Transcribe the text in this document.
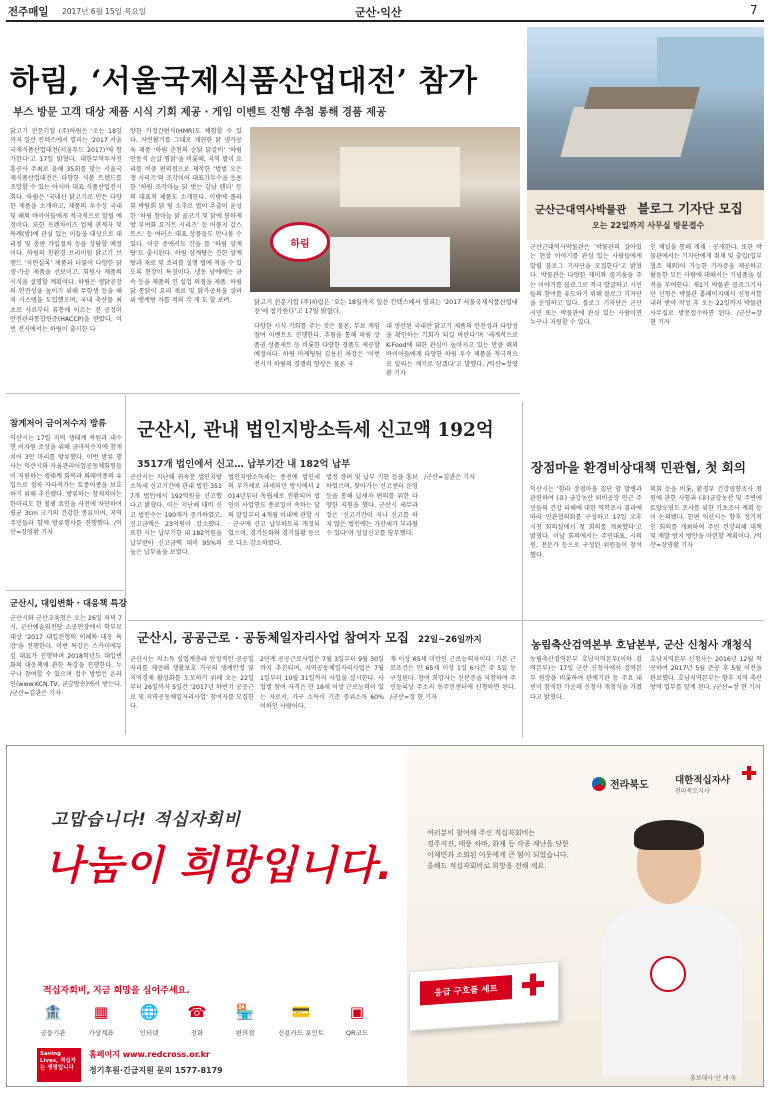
전주매일 2017년 6월 15일 목요일	군산·익산	7
하림, ‘서울국제식품산업대전’ 참가
부스 방문 고객 대상 제품 시식 기회 제공 · 게임 이벤트 진행 추첨 통해 경품 제공
닭고기 전문기업 (주)하림은 ‘오는 18일까지 일산 킨텍스에서 열리는 ‘2017 서울국제식품산업대전(서울푸드 2017)’에 참가한다’고 17일 밝혔다. 대한무역투자진흥공사 주최로 올해 35회를 맞는 서울국제식품산업대전은 다양한 식품 트렌드를 조망할 수 있는 아시아 대표 식품산업전시회다. 하림은 ‘국내산 닭고기로 만든 다양한 제품을 소개하고, 제품의 우수성 국내 및 해외 바이어들에게 적극적으로 알릴 예정이다. 또한 프렌차이즈 업체 관계자 및 특례(방)에 관심 있는 이들을 대상으로 대리점 및 총판 가입절차 등을 상담할 예정이다. 하림의 친환경 프리미엄 닭고기 브랜드 ‘자연실록’ 제품과 더불어 다양한 닭생·가공 제품을 선보이고, 회원사 제품의 시식을 설명할 계획이다. 하림은 생닭공장의 안전성을 높이기 위해 무항생 등을 해치 시스템을 도입했으며, 국내 축산물 최초로 사료부터 유통에 이르는 전 공정이 안전관리통합인증(HACCP)을 받았다. 이번 전시에서는 하림이 출시한 다
양한 가정간편식(HMR)도 체험할 수 있다. 자연활기를 그대로 재현한 닭 냉가공육 제품 ‘하림 춘천의 순닭 닭갈비’ ‘하림 안동식 순살 찜닭’을 비롯해, 지역 별미 요리를 비중 편의점으로 제작한 ‘벌벌 오은쟁 시리즈’와 조각이어 대표가두수을 응용한 ‘하림 조각마늘 닭 벗는 강남 텐더’ 등의 대표적 제품도 소개한다. 이밖에 플라워 박람회 닭 팀 소추로 별이 추출이 윤성한 ‘하림 참마늘 닭 골코기 및 닭에 봉하제방 부여화 요거트 시리즈’ 등 어플지 갑스트스’ 등 여러스 대표 상품들도 만나볼 수 있다. 이곳 중에서도 간을 를 ‘하림 삼계탕’도 출시된다. 하림 삼계탕은 진한 삼계탕과 재료 및 조리를 설명 법에 적을 수 있도록 현장이 특징이다. 냉동 남에에는 금속 등을 제품의 인 실업 의점을 제품. 하림 닭 통닭이 요리 재료 및 닭가공육을 살려 위 앵계탕 자를 적의 각 게 도 합 보려.
하림
닭고기 전문기업 (주)하림은 ‘오는 18일까지 일산 킨텍스에서 열리는 ‘2017 서울국제식품산업대전’에 참가한다’고 17일 밝혔다.
다양한 시식 기회를 주는 것은 물론, 무료 게임 참여 이벤트도 진행한다. 추첨을 통해 하림 상품권 상품세트 등 비롯한 다양한 경품도 제공할 예정이다. 하림 마케팅팀 김용신 차장은 ‘이번 전시가 하림의 경쟁력 향상은 물론 국
내 생산된 국내산 닭고기 제품의 안전성과 다양성을 확인하는 기회가 되길 바란다’며 ‘세계적으로 K-Food에 대한 관심이 높아지고 있는 만큼 해외 바이어들에게 다양한 하림 우수 제품을 적극적으로 알리는 계기로 삼겠다’고 말했다. /익산=장영환 기자
군산근대역사박물관 블로그 기자단 모집
오는 22일까지 사무실 방문접수
군산근대역사박물관은 ‘박물관의 살아있는 현장 이야기를 관심 있는 사람들에게 알릴 블로그 기자단을 모집한다’고 밝혔다. 박물관은 다양한 재미와 즐거움을 주는 이야기를 블로그로 적극 발굴하고 시민들의 참여를 유도하기 위해 블로그 기자단을 운영하고 있다. 블로그 기자단은 군산시민 또는 박물관에 관심 있는 사람이면 누구나 지원할 수 있다.
인 채널을 통해 게재 · 공개한다. 또한 박물관에서는 기자단에게 취재 및 출입(입부 협조 제외)이 가능한 기자증을 제공하고 활동한 모든 사람에 대해서는 기념품을 실적을 부여한다. 제1기 박물관 블로그기자단 신청은 박물관 홈페이지에서 신청서를 내려 받아 작성 후 오는 22일까지 박물관 사무실로 방문접수하면 된다. /군산=장 현 기자
참게저어 금어저수지 방류
익산시는 17일 지역 생태계 복원과 내수면 어자원 조성을 위해 금마저수지에 참게치어 3만 마리를 방류했다. 이번 방류 행사는 익산시와 자율관리어업공동체회원들이 지원하는 생태계 회복과 외래어종의 유입으로 점차 사라져가는 토종어종을 보호하기 위해 추진됐다. 방류하는 참게치어는 한마리도 한 질병 요인을 사전에 차단하여 평균 3cm 크기의 건강한 종묘이며, 지역 주민들과 함께 방류행사를 진행했다. /익산=장영환 기자
군산시, 대입변화 · 대응책 특강
군산시와 군산교육청은 오는 26일 저녁 7시, 군산예술의전당 소공연장에서 학부모 대상 ‘2017 대입전형의 이해와 대응 특강’을 진행한다. 이번 특강은 스카이에듀 김 대표가 진행하며 2018학년도 대입변화의 대응책에 관한 특강을 진행한다. 누구나 참여할 수 있으며 접수 방법은 온라인(www.KCN.TV, 금강방송)에서 받는다. /군산=김관은 기자
군산시, 관내 법인지방소득세 신고액 192억
3517개 법인에서 신고… 납부기간 내 182억 납부
군산시는 지난해 귀속분 법인지방소득세 신고기간에 관내 법인 3517개 법인에서 192억원을 신고했다고 밝혔다. 이는 지난해 대비 신고 법인수는 190개가 증가하였고, 신고금액은 23억원이 감소했다. 또한 시는 납부기한 내 182억원을 납부받아 신고금액 대비 95%의 높은 납부율을 보였다.
법인지방소득세는 종전에 법인세의 부가세로 과세되던 방식에서 2014년부터 독립세로 전환되어 법인이 사업연도 종료일이 속하는 달의 말일부터 4개월 이내에 관할 시 · 군구에 신고 납부하도록 개정되었으며, 경기둔화와 경기불황 등으로 다소 감소하였다.
법정 장려 및 납부 기한 등을 홍보하였으며, 찾아가는 신고센터 운영 등을 통해 납세자 편의를 위한 다양한 지원을 했다. 군산시 세무과장은 ‘신고기간이 지나 신고를 하지 않은 법인에는 가산세가 부과될 수 있다’며 성실신고를 당부했다.
/군산=김관은 기자
장점마을 환경비상대책 민관협, 첫 회의
익산시는 ‘함라 장점마을 집단 암 발병과 관련하여 (유) 금강농산 퇴비공장 인근 주민들의 건강 피해에 대한 역학조사 결과에 따라 민관협의회를 구성하고 17일 오후 시청 회의실에서 첫 회의를 개최했다’고 밝혔다. 이날 회의에서는 주민대표, 시의원, 전문가 등으로 구성된 위원들이 참석했다.
의회 등을 비롯, 환경부 건강영향조사 청원에 관한 사항과 (유)금강농산 및 주변에 토양오염도 조사를 위한 기초조사 계획 등이 논의됐다. 한편 익산시는 향후 정기적인 회의를 개최하여 주민 건강피해 대책 및 재발 방지 방안을 마련할 계획이다. /익산=장영환 기자
군산시, 공공근로 · 공동체일자리사업 참여자 모집 22일~26일까지
군산시는 저소득 실업계층과 안정적인 공공일자리를 제공해 생활보호 가구의 생계안정 및 지역경제 활성화를 도모하기 위해 오는 22일부터 26일까지 5일간 ‘2017년 하반기 공공근로 및 지역공동체일자리사업’ 참여자를 모집한다.
2단계 공공근로사업은 7월 3일부터 9월 30일까지 추진되며, 지역공동체일자리사업은 7월 1일부터 10월 31일까지 사업을 실시한다. 사업별 참여 자격은 만 18세 이상 근로능력이 있는 자로서, 가구 소득이 기준 중위소득 60% 이하인 사람이다.
재 이상 65세 미만인 근로능력자이다. 기본 근로조건은 만 65세 이상 1일 6시간 주 5일 등 구성된다. 참여 희망자는 신분증을 지참하여 주민등록상 주소지 동주민센터에 신청하면 된다. /군산=장 현 기자
농림축산검역본부 호남본부, 군산 신청사 개청식
농림축산검역본부 호남지역본부(이하 검역본부)는 17일 군산 신청사에서 검역본부 원장을 비롯하여 관계기관 등 주요 내빈이 참석한 가운데 신청사 개청식을 가졌다고 밝혔다.
호남지역본부 신청사는 2016년 12월 착공하여 2017년 5월 준공 후 5월 이전을 완료했다. 호남지역본부는 향후 지역 축산 방역 업무를 맡게 된다. /군산=장 현 기자
고맙습니다! 적십자회비
나눔이 희망입니다.
전라북도	대한적십자사
전라북도지사
여러분이 참여해 주신 적십자회비는
경주지진, 태풍 차바, 화재 등 각종 재난을 당한
이재민과 소외된 이웃에게 큰 힘이 되었습니다.
올해도 적십자회비로 희망을 전해 세요.
응급 구호품 세트
적십자회비, 지금 희망을 심어주세요.
🏦
금융기관
▦
가상계좌
🌐
인터넷
☎
전화
🏪
편의점
💳
신용카드 포인트
▣
QR코드
Saving Lives, 적십자는 생명입니다
홈페이지 www.redcross.or.kr
정기후원·긴급지원 문의 1577-8179
홍보대사 안 재 욱
